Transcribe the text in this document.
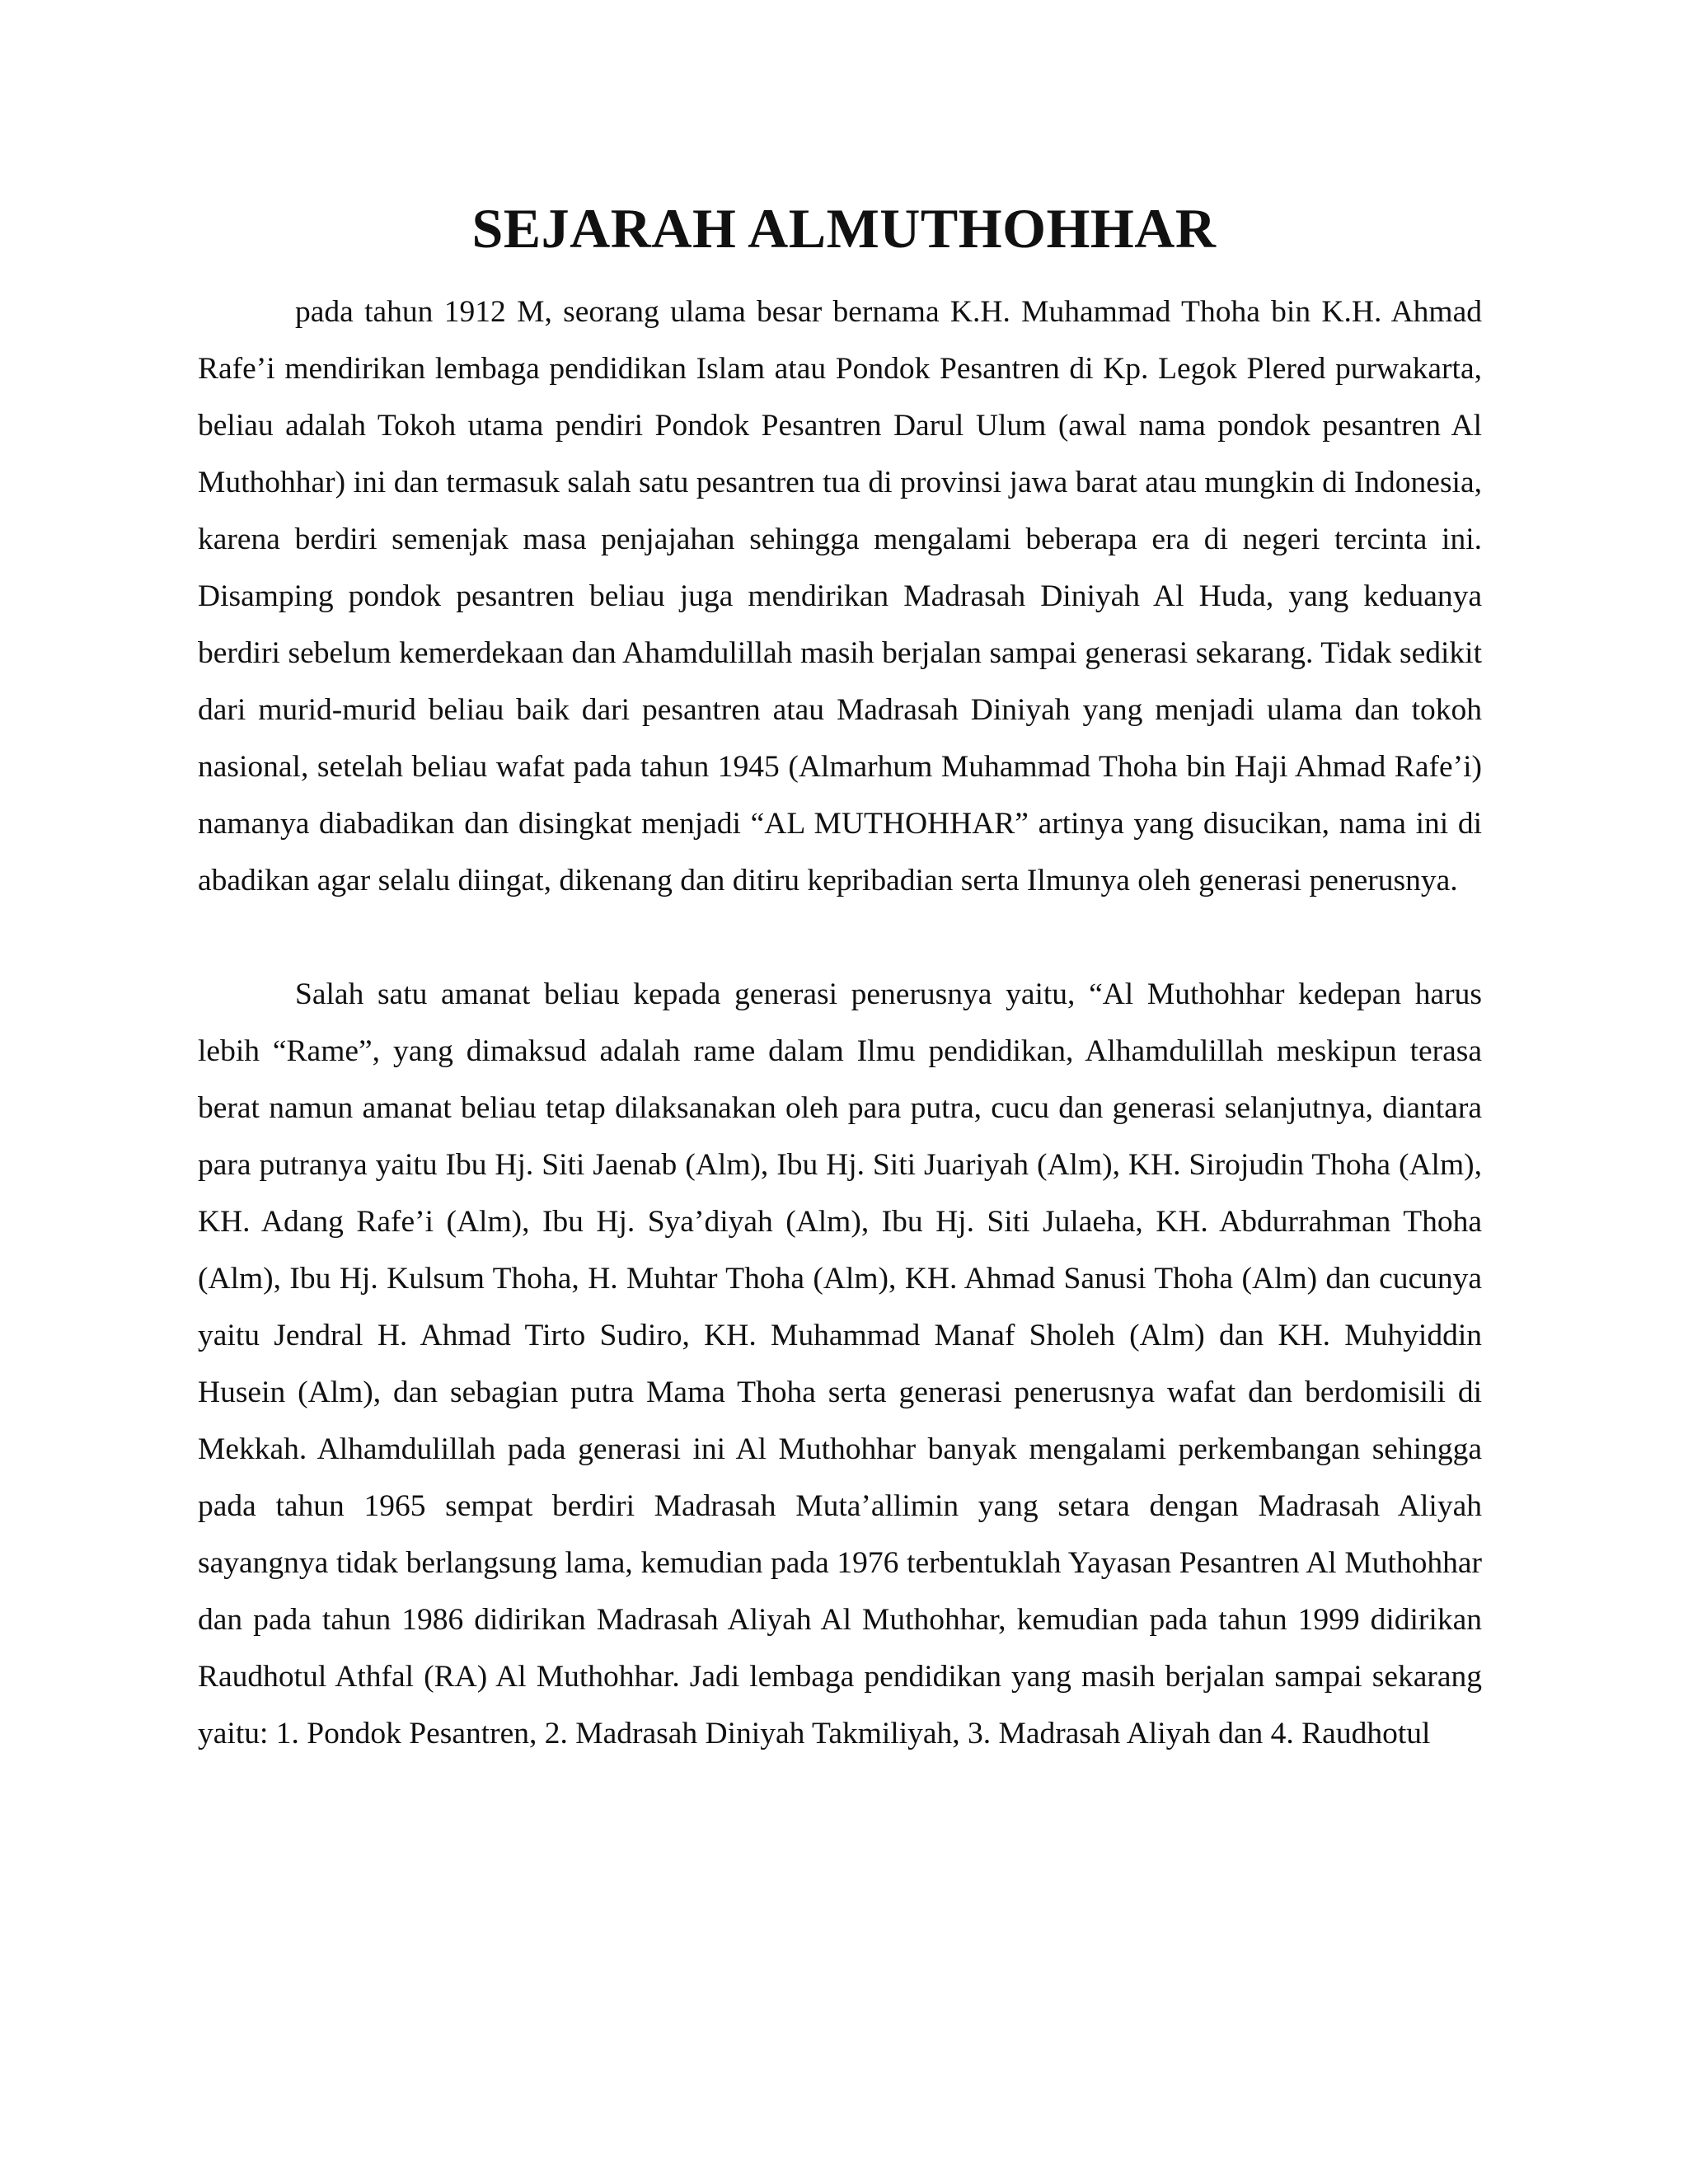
SEJARAH ALMUTHOHHAR

pada tahun 1912 M, seorang ulama besar bernama K.H. Muhammad Thoha bin K.H. Ahmad Rafe’i mendirikan lembaga pendidikan Islam atau Pondok Pesantren di Kp. Legok Plered purwakarta, beliau adalah Tokoh utama pendiri Pondok Pesantren Darul Ulum (awal nama pondok pesantren Al Muthohhar) ini dan termasuk salah satu pesantren tua di provinsi jawa barat atau mungkin di Indonesia, karena berdiri semenjak masa penjajahan sehingga mengalami beberapa era di negeri tercinta ini. Disamping pondok pesantren beliau juga mendirikan Madrasah Diniyah Al Huda, yang keduanya berdiri sebelum kemerdekaan dan Ahamdulillah masih berjalan sampai generasi sekarang. Tidak sedikit dari murid-murid beliau baik dari pesantren atau Madrasah Diniyah yang menjadi ulama dan tokoh nasional, setelah beliau wafat pada tahun 1945 (Almarhum Muhammad Thoha bin Haji Ahmad Rafe’i) namanya diabadikan dan disingkat menjadi “AL MUTHOHHAR” artinya yang disucikan, nama ini di abadikan agar selalu diingat, dikenang dan ditiru kepribadian serta Ilmunya oleh generasi penerusnya.

Salah satu amanat beliau kepada generasi penerusnya yaitu, “Al Muthohhar kedepan harus lebih “Rame”, yang dimaksud adalah rame dalam Ilmu pendidikan, Alhamdulillah meskipun terasa berat namun amanat beliau tetap dilaksanakan oleh para putra, cucu dan generasi selanjutnya, diantara para putranya yaitu Ibu Hj. Siti Jaenab (Alm), Ibu Hj. Siti Juariyah (Alm), KH. Sirojudin Thoha (Alm), KH. Adang Rafe’i (Alm), Ibu Hj. Sya’diyah (Alm), Ibu Hj. Siti Julaeha, KH. Abdurrahman Thoha (Alm), Ibu Hj. Kulsum Thoha, H. Muhtar Thoha (Alm), KH. Ahmad Sanusi Thoha (Alm) dan cucunya yaitu Jendral H. Ahmad Tirto Sudiro, KH. Muhammad Manaf Sholeh (Alm) dan KH. Muhyiddin Husein (Alm), dan sebagian putra Mama Thoha serta generasi penerusnya wafat dan berdomisili di Mekkah. Alhamdulillah pada generasi ini Al Muthohhar banyak mengalami perkembangan sehingga pada tahun 1965 sempat berdiri Madrasah Muta’allimin yang setara dengan Madrasah Aliyah sayangnya tidak berlangsung lama, kemudian pada 1976 terbentuklah Yayasan Pesantren Al Muthohhar dan pada tahun 1986 didirikan Madrasah Aliyah Al Muthohhar, kemudian pada tahun 1999 didirikan Raudhotul Athfal (RA) Al Muthohhar. Jadi lembaga pendidikan yang masih berjalan sampai sekarang yaitu: 1. Pondok Pesantren, 2. Madrasah Diniyah Takmiliyah, 3. Madrasah Aliyah dan 4. Raudhotul
